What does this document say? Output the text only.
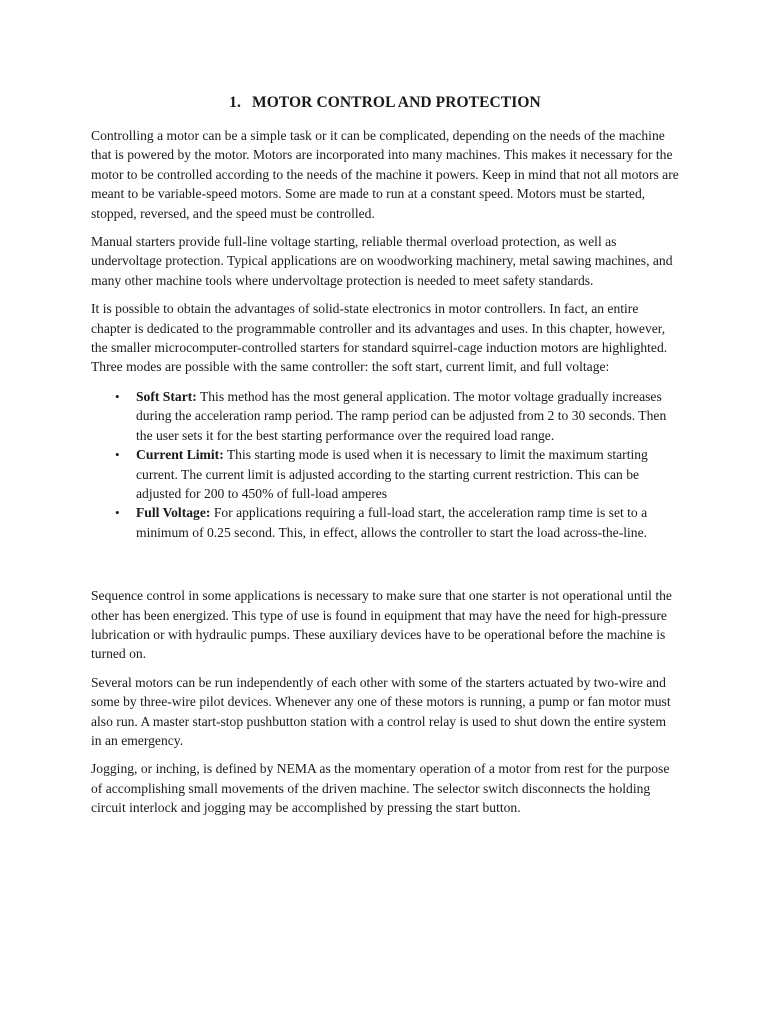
1. MOTOR CONTROL AND PROTECTION

Controlling a motor can be a simple task or it can be complicated, depending on the needs of the machine that is powered by the motor. Motors are incorporated into many machines. This makes it necessary for the motor to be controlled according to the needs of the machine it powers. Keep in mind that not all motors are meant to be variable-speed motors. Some are made to run at a constant speed. Motors must be started, stopped, reversed, and the speed must be controlled.

Manual starters provide full-line voltage starting, reliable thermal overload protection, as well as undervoltage protection. Typical applications are on woodworking machinery, metal sawing machines, and many other machine tools where undervoltage protection is needed to meet safety standards.

It is possible to obtain the advantages of solid-state electronics in motor controllers. In fact, an entire chapter is dedicated to the programmable controller and its advantages and uses. In this chapter, however, the smaller microcomputer-controlled starters for standard squirrel-cage induction motors are highlighted. Three modes are possible with the same controller: the soft start, current limit, and full voltage:

• Soft Start: This method has the most general application. The motor voltage gradually increases during the acceleration ramp period. The ramp period can be adjusted from 2 to 30 seconds. Then the user sets it for the best starting performance over the required load range.
• Current Limit: This starting mode is used when it is necessary to limit the maximum starting current. The current limit is adjusted according to the starting current restriction. This can be adjusted for 200 to 450% of full-load amperes
• Full Voltage: For applications requiring a full-load start, the acceleration ramp time is set to a minimum of 0.25 second. This, in effect, allows the controller to start the load across-the-line.

Sequence control in some applications is necessary to make sure that one starter is not operational until the other has been energized. This type of use is found in equipment that may have the need for high-pressure lubrication or with hydraulic pumps. These auxiliary devices have to be operational before the machine is turned on.

Several motors can be run independently of each other with some of the starters actuated by two-wire and some by three-wire pilot devices. Whenever any one of these motors is running, a pump or fan motor must also run. A master start-stop pushbutton station with a control relay is used to shut down the entire system in an emergency.

Jogging, or inching, is defined by NEMA as the momentary operation of a motor from rest for the purpose of accomplishing small movements of the driven machine. The selector switch disconnects the holding circuit interlock and jogging may be accomplished by pressing the start button.
